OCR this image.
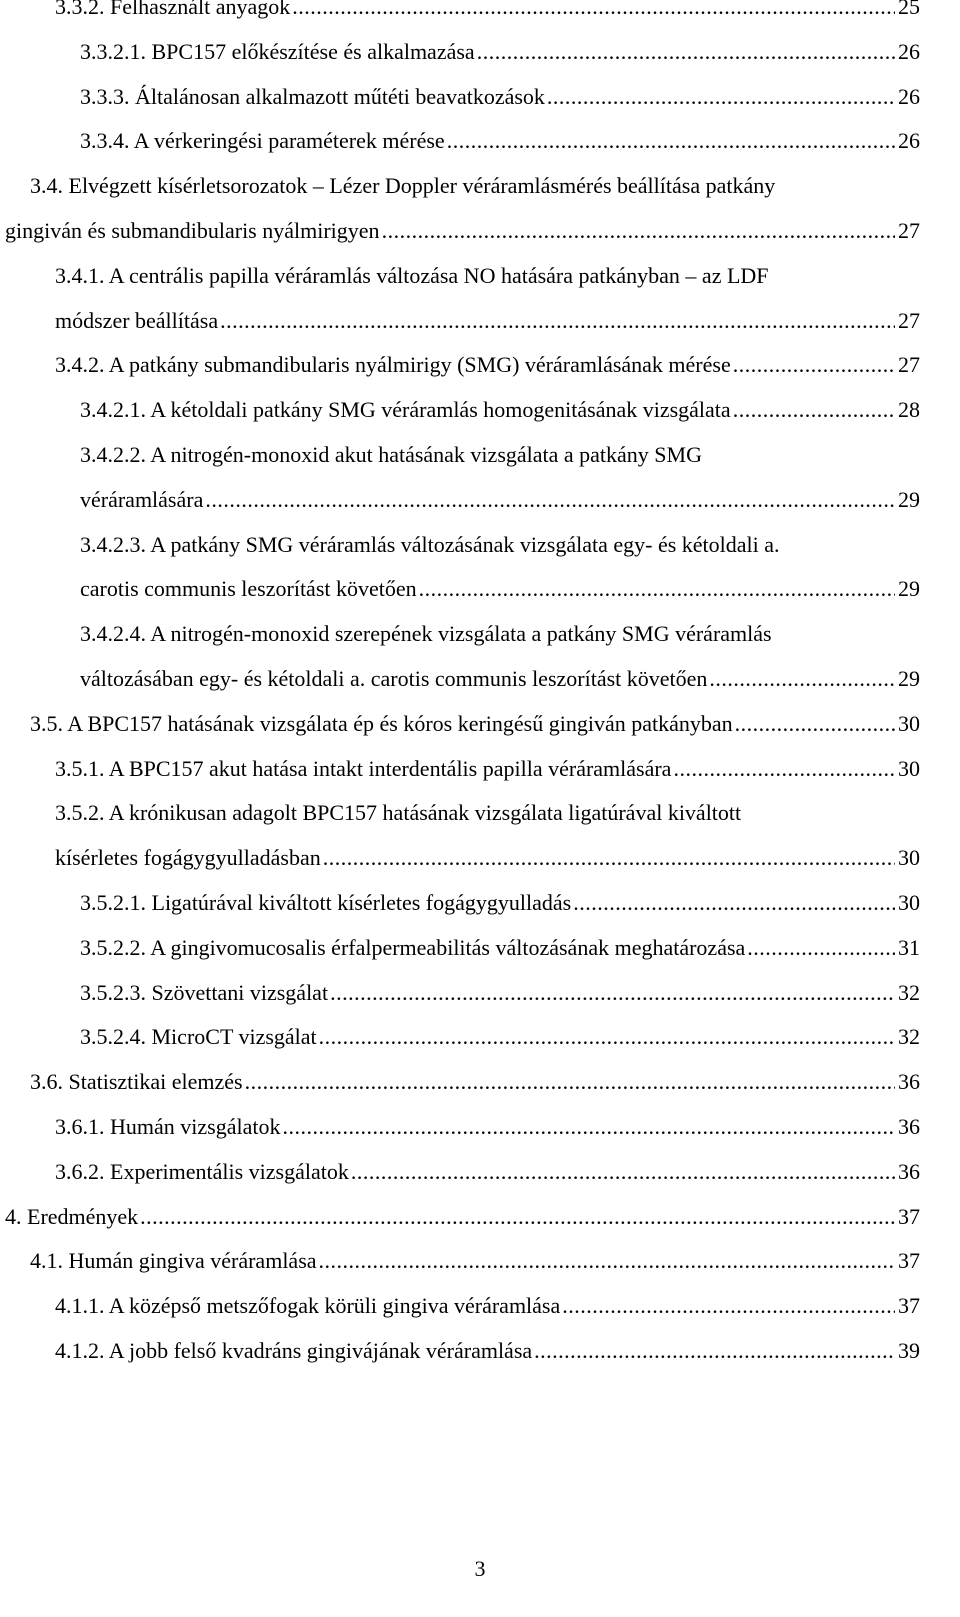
3.3.2. Felhasznált anyagok .....	25
3.3.2.1. BPC157 előkészítése és alkalmazása .....	26
3.3.3. Általánosan alkalmazott műtéti beavatkozások .....	26
3.3.4. A vérkeringési paraméterek mérése .....	26
3.4. Elvégzett kísérletsorozatok – Lézer Doppler véráramlásmérés beállítása patkány
gingiván és submandibularis nyálmirigyen .....	27
3.4.1. A centrális papilla véráramlás változása NO hatására patkányban – az LDF
módszer beállítása .....	27
3.4.2. A patkány submandibularis nyálmirigy (SMG) véráramlásának mérése .....	27
3.4.2.1. A kétoldali patkány SMG véráramlás homogenitásának vizsgálata .....	28
3.4.2.2. A nitrogén-monoxid akut hatásának vizsgálata a patkány SMG
véráramlására .....	29
3.4.2.3. A patkány SMG véráramlás változásának vizsgálata egy- és kétoldali a.
carotis communis leszorítást követően .....	29
3.4.2.4. A nitrogén-monoxid szerepének vizsgálata a patkány SMG véráramlás
változásában egy- és kétoldali a. carotis communis leszorítást követően .....	29
3.5. A BPC157 hatásának vizsgálata ép és kóros keringésű gingiván patkányban .....	30
3.5.1. A BPC157 akut hatása intakt interdentális papilla véráramlására .....	30
3.5.2. A krónikusan adagolt BPC157 hatásának vizsgálata ligatúrával kiváltott
kísérletes fogágygyulladásban .....	30
3.5.2.1. Ligatúrával kiváltott kísérletes fogágygyulladás .....	30
3.5.2.2. A gingivomucosalis érfalpermeabilitás változásának meghatározása .....	31
3.5.2.3. Szövettani vizsgálat .....	32
3.5.2.4. MicroCT vizsgálat .....	32
3.6. Statisztikai elemzés .....	36
3.6.1. Humán vizsgálatok .....	36
3.6.2. Experimentális vizsgálatok .....	36
4. Eredmények .....	37
4.1. Humán gingiva véráramlása .....	37
4.1.1. A középső metszőfogak körüli gingiva véráramlása .....	37
4.1.2. A jobb felső kvadráns gingivájának véráramlása .....	39
3
